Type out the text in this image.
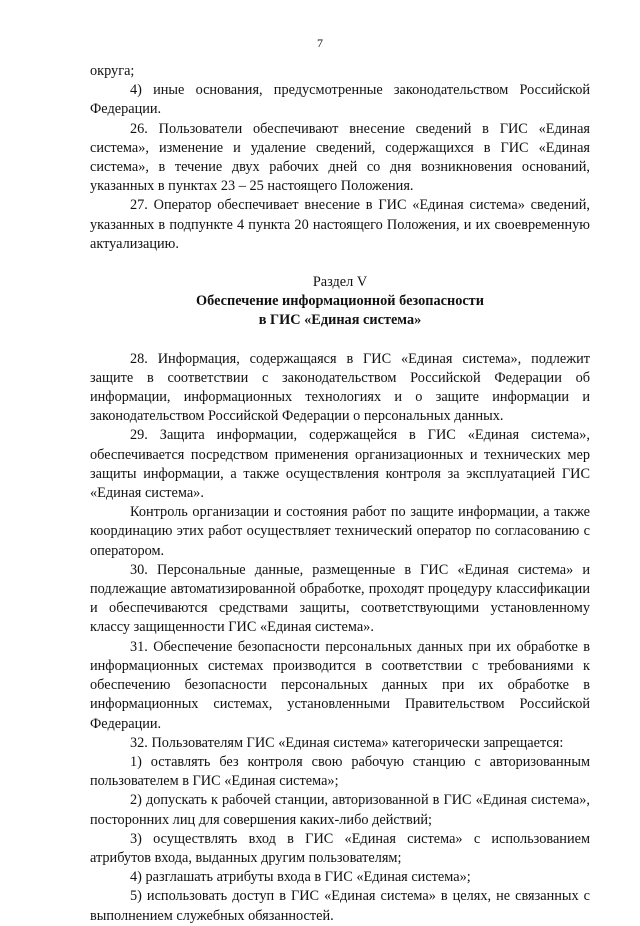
7

округа;

4) иные основания, предусмотренные законодательством Российской Федерации.

26. Пользователи обеспечивают внесение сведений в ГИС «Единая система», изменение и удаление сведений, содержащихся в ГИС «Единая система», в течение двух рабочих дней со дня возникновения оснований, указанных в пунктах 23 – 25 настоящего Положения.

27. Оператор обеспечивает внесение в ГИС «Единая система» сведений, указанных в подпункте 4 пункта 20 настоящего Положения, и их своевременную актуализацию.

Раздел V
Обеспечение информационной безопасности
в ГИС «Единая система»

28. Информация, содержащаяся в ГИС «Единая система», подлежит защите в соответствии с законодательством Российской Федерации об информации, информационных технологиях и о защите информации и законодательством Российской Федерации о персональных данных.

29. Защита информации, содержащейся в ГИС «Единая система», обеспечивается посредством применения организационных и технических мер защиты информации, а также осуществления контроля за эксплуатацией ГИС «Единая система».

Контроль организации и состояния работ по защите информации, а также координацию этих работ осуществляет технический оператор по согласованию с оператором.

30. Персональные данные, размещенные в ГИС «Единая система» и подлежащие автоматизированной обработке, проходят процедуру классификации и обеспечиваются средствами защиты, соответствующими установленному классу защищенности ГИС «Единая система».

31. Обеспечение безопасности персональных данных при их обработке в информационных системах производится в соответствии с требованиями к обеспечению безопасности персональных данных при их обработке в информационных системах, установленными Правительством Российской Федерации.

32. Пользователям ГИС «Единая система» категорически запрещается:

1) оставлять без контроля свою рабочую станцию с авторизованным пользователем в ГИС «Единая система»;

2) допускать к рабочей станции, авторизованной в ГИС «Единая система», посторонних лиц для совершения каких-либо действий;

3) осуществлять вход в ГИС «Единая система» с использованием атрибутов входа, выданных другим пользователям;

4) разглашать атрибуты входа в ГИС «Единая система»;

5) использовать доступ в ГИС «Единая система» в целях, не связанных с выполнением служебных обязанностей.
